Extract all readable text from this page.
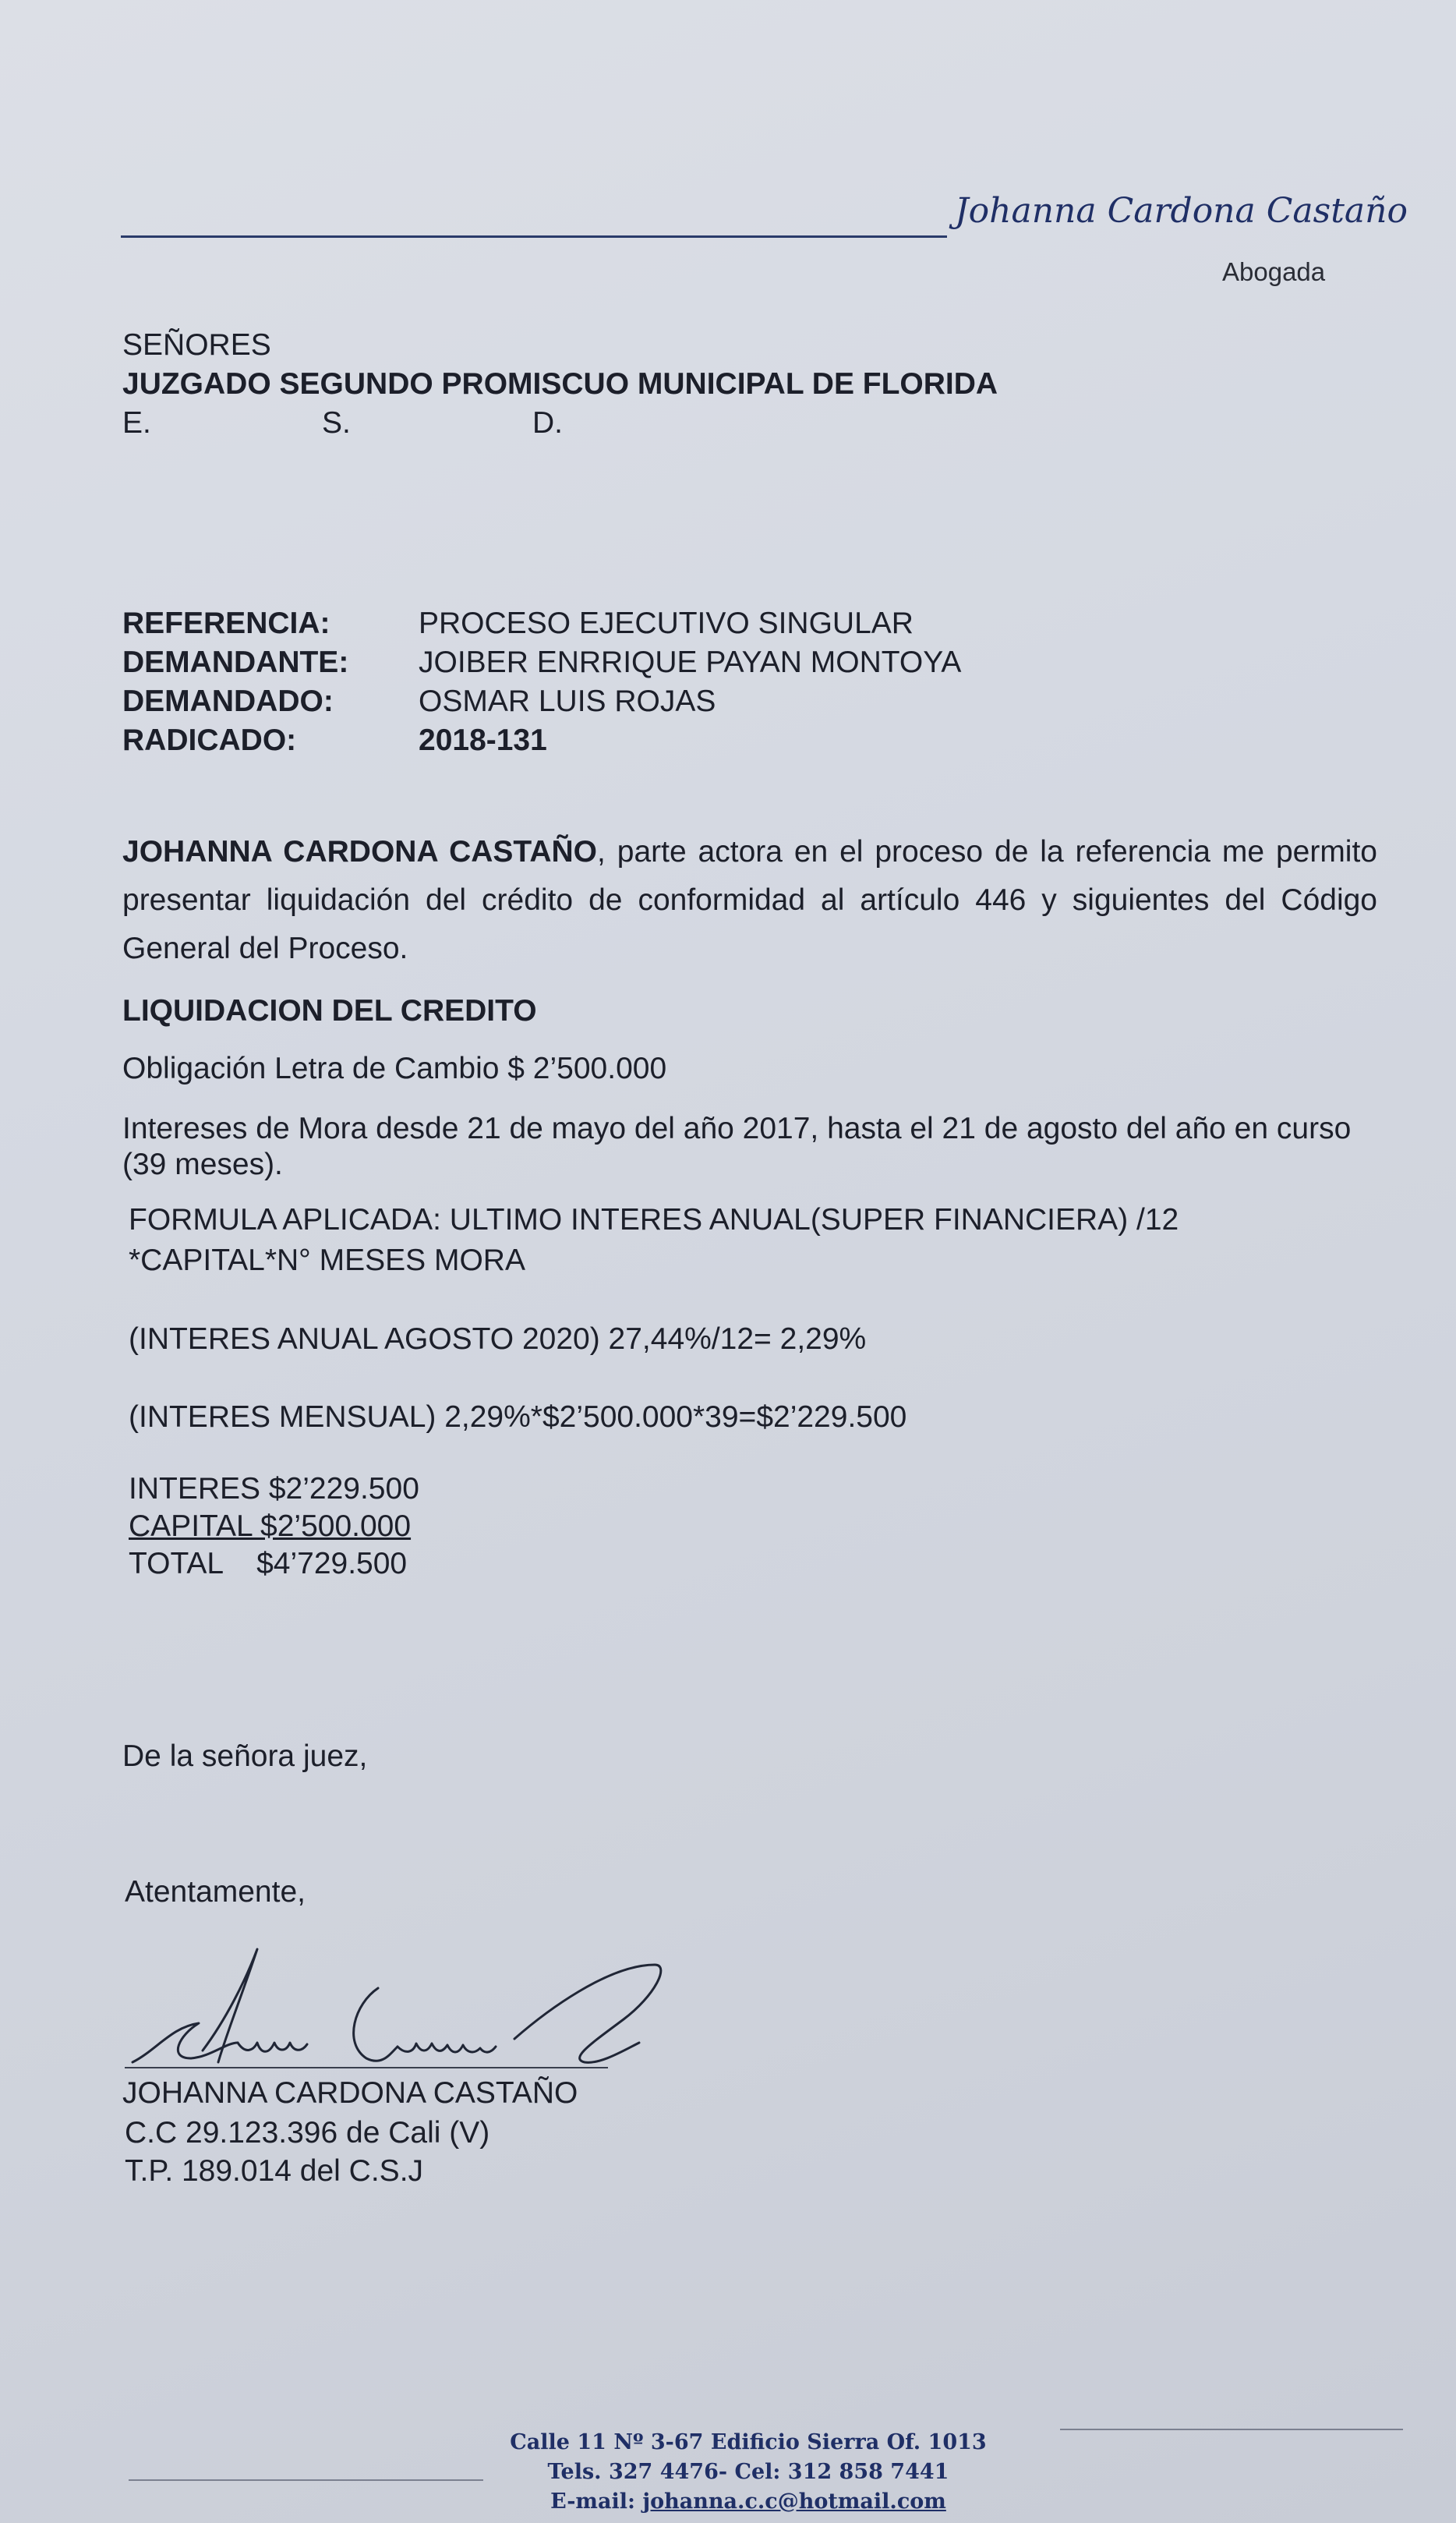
Johanna Cardona Castaño
Abogada
SEÑORES
JUZGADO SEGUNDO PROMISCUO MUNICIPAL DE FLORIDA
E.	S.	D.
REFERENCIA:	PROCESO EJECUTIVO SINGULAR
DEMANDANTE:	JOIBER ENRRIQUE PAYAN MONTOYA
DEMANDADO:	OSMAR LUIS ROJAS
RADICADO:	2018-131
JOHANNA CARDONA CASTAÑO, parte actora en el proceso de la referencia me permito presentar liquidación del crédito de conformidad al artículo 446 y siguientes del Código General del Proceso.
LIQUIDACION DEL CREDITO
Obligación Letra de Cambio $ 2’500.000
Intereses de Mora desde 21 de mayo del año 2017, hasta el 21 de agosto del año en curso (39 meses).
FORMULA APLICADA: ULTIMO INTERES ANUAL(SUPER FINANCIERA) /12
*CAPITAL*N° MESES MORA
(INTERES ANUAL AGOSTO 2020) 27,44%/12= 2,29%
(INTERES MENSUAL) 2,29%*$2’500.000*39=$2’229.500
INTERES $2’229.500
CAPITAL $2’500.000
TOTAL $4’729.500
De la señora juez,
Atentamente,
JOHANNA CARDONA CASTAÑO
C.C 29.123.396 de Cali (V)
T.P. 189.014 del C.S.J
Calle 11 Nº 3-67 Edificio Sierra Of. 1013
Tels. 327 4476- Cel: 312 858 7441
E-mail: johanna.c.c@hotmail.com
